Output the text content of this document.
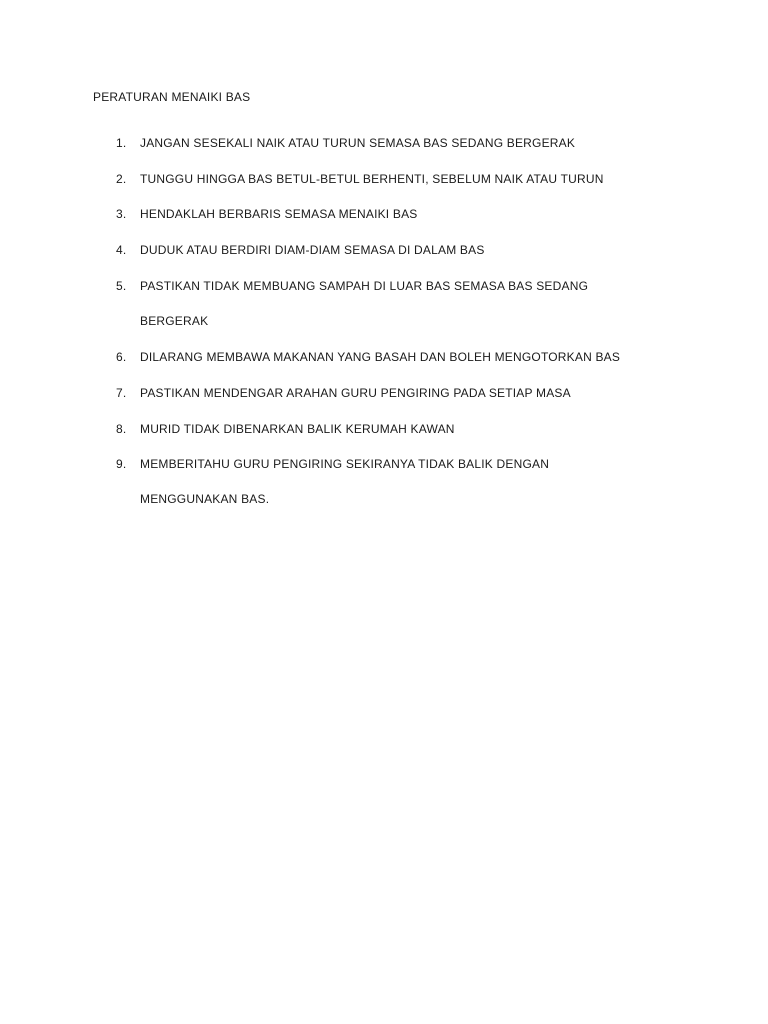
PERATURAN MENAIKI BAS
1. JANGAN SESEKALI NAIK ATAU TURUN SEMASA BAS SEDANG BERGERAK
2. TUNGGU HINGGA BAS BETUL-BETUL BERHENTI, SEBELUM NAIK ATAU TURUN
3. HENDAKLAH BERBARIS SEMASA MENAIKI BAS
4. DUDUK ATAU BERDIRI DIAM-DIAM SEMASA DI DALAM BAS
5. PASTIKAN TIDAK MEMBUANG SAMPAH DI LUAR BAS SEMASA BAS SEDANG
BERGERAK
6. DILARANG MEMBAWA MAKANAN YANG BASAH DAN BOLEH MENGOTORKAN BAS
7. PASTIKAN MENDENGAR ARAHAN GURU PENGIRING PADA SETIAP MASA
8. MURID TIDAK DIBENARKAN BALIK KERUMAH KAWAN
9. MEMBERITAHU GURU PENGIRING SEKIRANYA TIDAK BALIK DENGAN
MENGGUNAKAN BAS.
